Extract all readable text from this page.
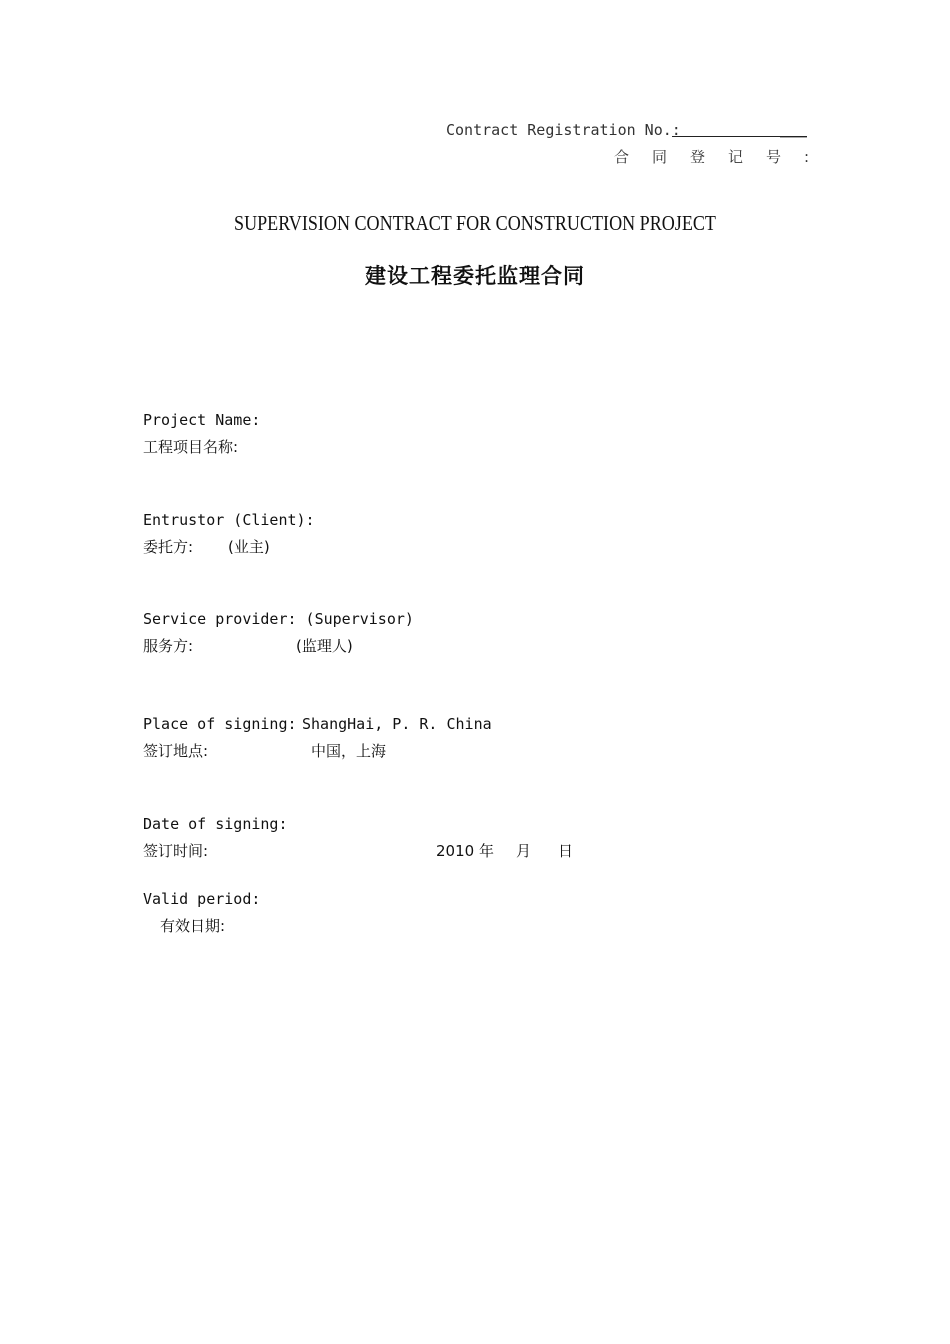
Contract Registration No.:
合同登记号:
SUPERVISION CONTRACT FOR CONSTRUCTION PROJECT
建设工程委托监理合同
Project Name:
工程项目名称:
Entrustor (Client):
委托方: (业主)
Service provider: (Supervisor)
服务方:	(监理人)
Place of signing: ShangHai, P. R. China
签订地点:	中国，上海
Date of signing:
签订时间:	2010 年 月 日
Valid period:
有效日期:
